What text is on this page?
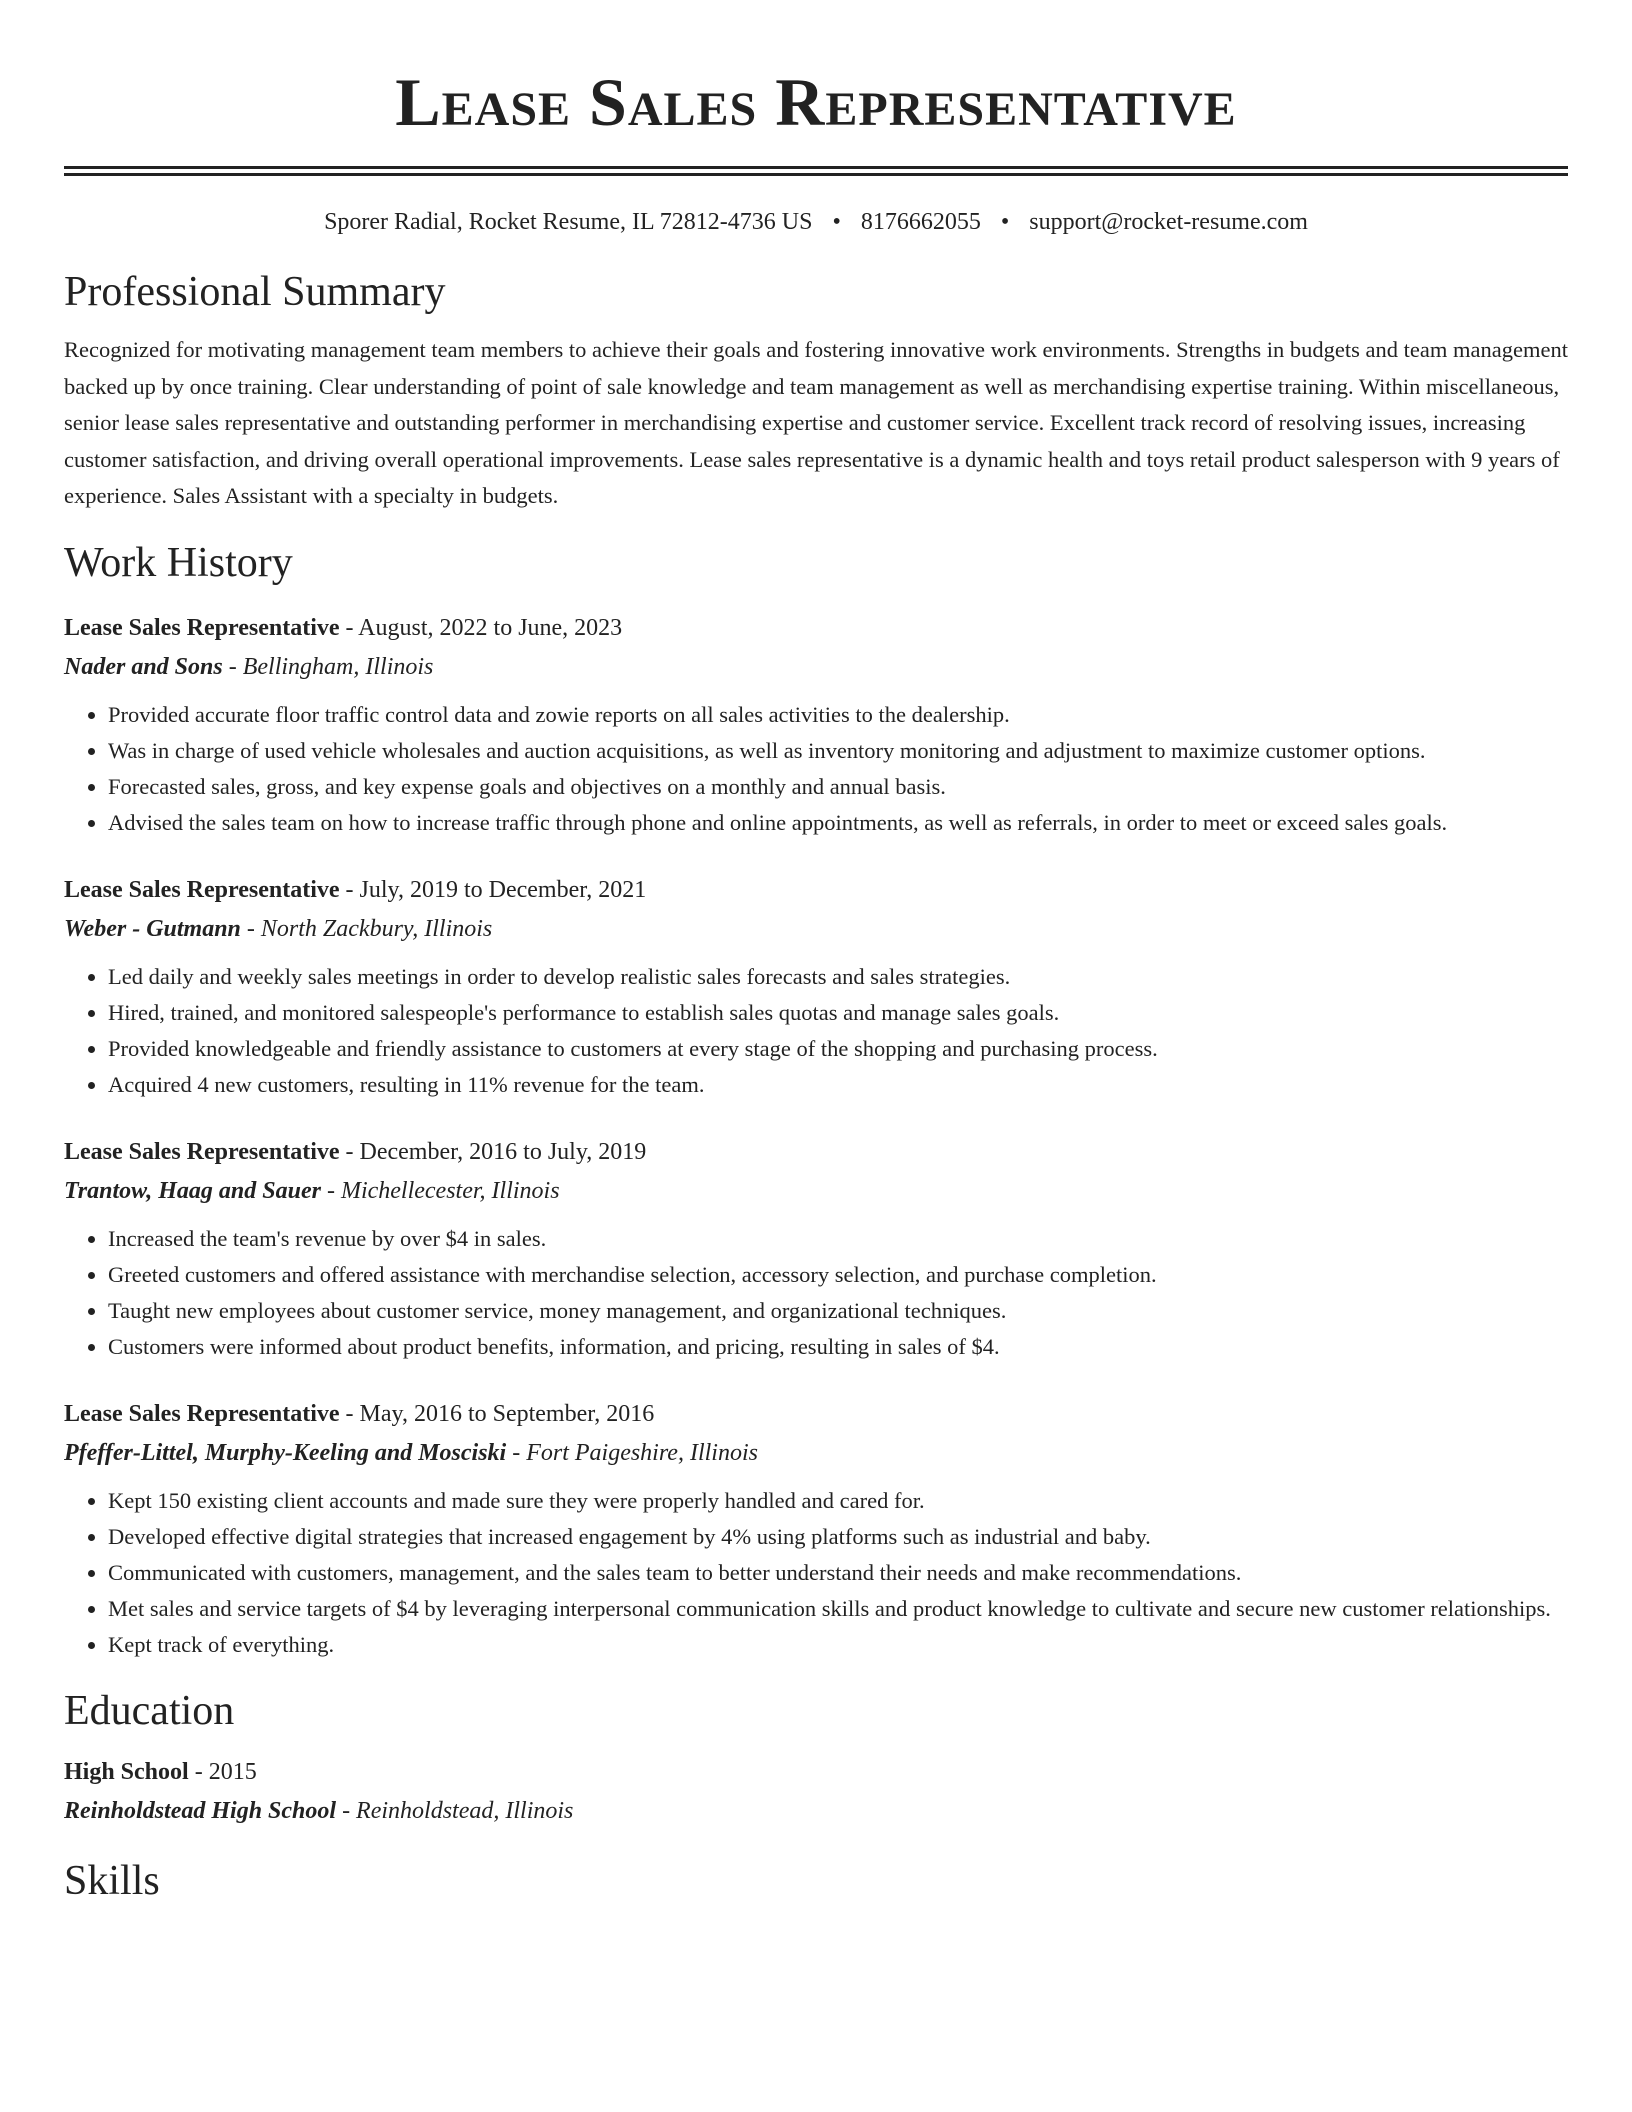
Lease Sales Representative
Sporer Radial, Rocket Resume, IL 72812-4736 US • 8176662055 • support@rocket-resume.com
Professional Summary
Recognized for motivating management team members to achieve their goals and fostering innovative work environments. Strengths in budgets and team management backed up by once training. Clear understanding of point of sale knowledge and team management as well as merchandising expertise training. Within miscellaneous, senior lease sales representative and outstanding performer in merchandising expertise and customer service. Excellent track record of resolving issues, increasing customer satisfaction, and driving overall operational improvements. Lease sales representative is a dynamic health and toys retail product salesperson with 9 years of experience. Sales Assistant with a specialty in budgets.
Work History
Lease Sales Representative - August, 2022 to June, 2023
Nader and Sons - Bellingham, Illinois
• Provided accurate floor traffic control data and zowie reports on all sales activities to the dealership.
• Was in charge of used vehicle wholesales and auction acquisitions, as well as inventory monitoring and adjustment to maximize customer options.
• Forecasted sales, gross, and key expense goals and objectives on a monthly and annual basis.
• Advised the sales team on how to increase traffic through phone and online appointments, as well as referrals, in order to meet or exceed sales goals.
Lease Sales Representative - July, 2019 to December, 2021
Weber - Gutmann - North Zackbury, Illinois
• Led daily and weekly sales meetings in order to develop realistic sales forecasts and sales strategies.
• Hired, trained, and monitored salespeople's performance to establish sales quotas and manage sales goals.
• Provided knowledgeable and friendly assistance to customers at every stage of the shopping and purchasing process.
• Acquired 4 new customers, resulting in 11% revenue for the team.
Lease Sales Representative - December, 2016 to July, 2019
Trantow, Haag and Sauer - Michellecester, Illinois
• Increased the team's revenue by over $4 in sales.
• Greeted customers and offered assistance with merchandise selection, accessory selection, and purchase completion.
• Taught new employees about customer service, money management, and organizational techniques.
• Customers were informed about product benefits, information, and pricing, resulting in sales of $4.
Lease Sales Representative - May, 2016 to September, 2016
Pfeffer-Littel, Murphy-Keeling and Mosciski - Fort Paigeshire, Illinois
• Kept 150 existing client accounts and made sure they were properly handled and cared for.
• Developed effective digital strategies that increased engagement by 4% using platforms such as industrial and baby.
• Communicated with customers, management, and the sales team to better understand their needs and make recommendations.
• Met sales and service targets of $4 by leveraging interpersonal communication skills and product knowledge to cultivate and secure new customer relationships.
• Kept track of everything.
Education
High School - 2015
Reinholdstead High School - Reinholdstead, Illinois
Skills
